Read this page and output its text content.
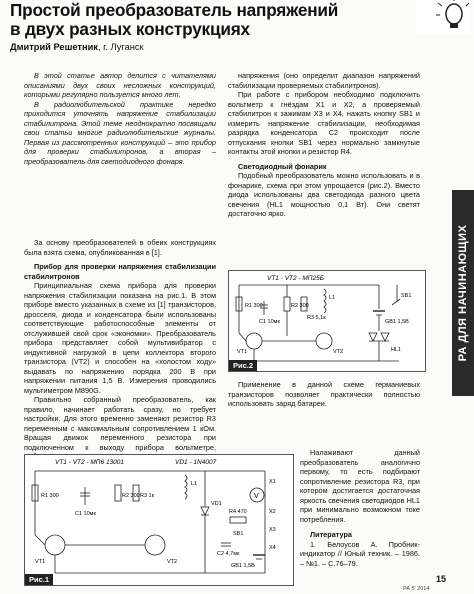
Простой преобразователь напряжений
в двух разных конструкциях
Дмитрий Решетник, г. Луганск

В этой статье автор делится с читателями описаниями двух своих несложных конструкций, которыми регулярно пользуется много лет.

В радиолюбительской практике нередко приходится уточнять напряжение стабилизации стабилитрона. Этой теме неоднократно посвящали свои статьи многие радиолюбительские журналы. Первая из рассмотренных конструкций – это прибор для проверки стабилитронов, а вторая – преобразователь для светодиодного фонаря.

За основу преобразователей в обеих конструкциях была взята схема, опубликованная в [1].

Прибор для проверки напряжения стабилизации стабилитронов

Принципиальная схема прибора для проверки напряжения стабилизации показана на рис.1. В этом приборе вместо указанных в схеме из [1] транзисторов, дросселя, диода и конденсатора были использованы соответствующие работоспособные элементы от отслужившей свой срок «экономки». Преобразователь прибора представляет собой мультивибратор с индуктивной нагрузкой в цепи коллектора второго транзистора (VT2) и способен на «холостом ходу» выдавать по напряжению порядка 200 В при напряжении питания 1,5 В. Измерения проводились мультиметром M890G.

Правильно собранный преобразователь, как правило, начинает работать сразу, но требует настройки. Для этого временно заменяют резистор R3 переменным с максимальным сопротивлением 1 кОм. Вращая движок переменного резистора при подключенном к выходу прибора вольтметре,

напряжения (оно определит диапазон напряжений стабилизации проверяемых стабилитронов).

При работе с прибором необходимо подключить вольтметр к гнёздам X1 и X2, а проверяемый стабилитрон к зажимам X3 и X4, нажать кнопку SB1 и измерить напряжение стабилизации, необходимая разрядка конденсатора C2 происходит после отпускания кнопки SB1 через нормально замкнутые контакты этой кнопки и резистор R4.

Светодиодный фонарик

Подобный преобразователь можно использовать и в фонарике, схема при этом упрощается (рис.2). Вместо диода использованы два светодиода разного цвета свечения (HL1 мощностью 0,1 Вт). Они светят достаточно ярко.

РА ДЛЯ НАЧИНАЮЩИХ
VT1 - VT2 - МП25Б
R1 300	R2 300
C1 10мк
L1
R3 5,1к
GB1 1,5В
HL1
VT1	VT2
SB1
Рис.2

Применение в данной схеме германиевых транзисторов позволяет практически полностью использовать заряд батареи.

VT1 - VT2 - МП6 13001	VD1 - 1N4007
V
R1 300	R2 300 R3 1к
C1 10мк
VT1	VT2
L1
R4 470
C2 4,7мк
SB1
GB1 1,5В
X1
X2
X3
X4
VD1
Рис.1

Налаживают данный преобразователь аналогично первому, то есть подбирают сопротивление резистора R3, при котором достигается достаточная яркость свечения светодиодов HL1 при минимально возможном токе потребления.

Литература

1. Белоусов А. Пробник-индикатор // Юный техник. – 1986. – №1. – С.76–79.

15
РА 5' 2014
